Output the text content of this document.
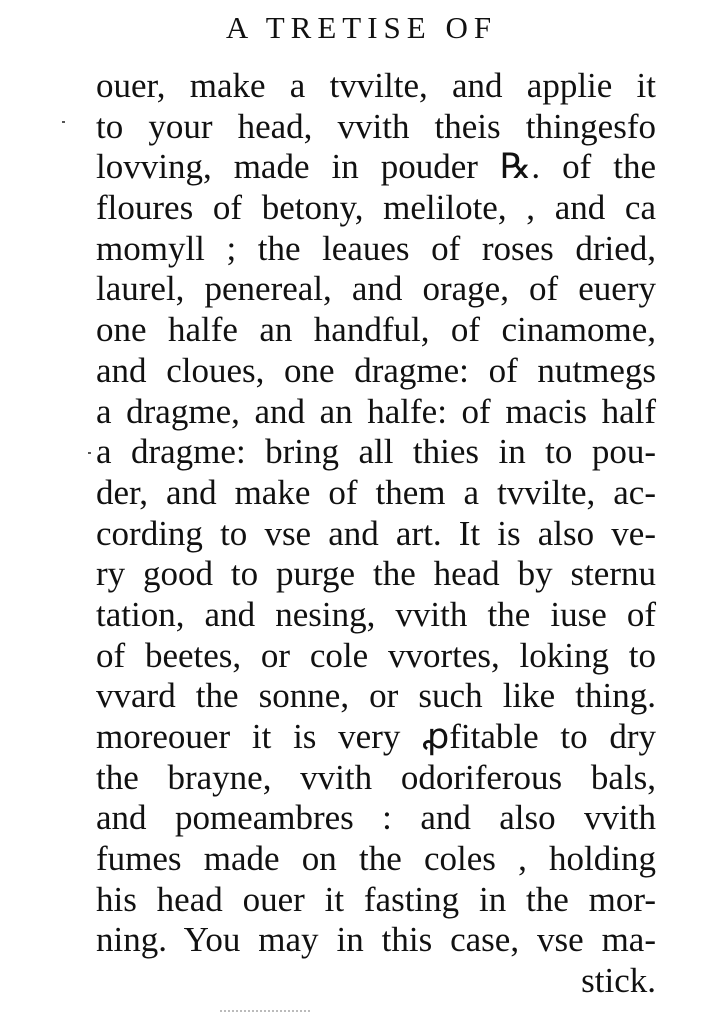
A TRETISE OF
ouer, make a tvvilte, and applie it
to your head, vvith theis thingesfo
lovving, made in pouder ℞. of the
floures of betony, melilote, , and ca
momyll ; the leaues of roses dried,
laurel, penereal, and orage, of euery
one halfe an handful, of cinamome,
and cloues, one dragme: of nutmegs
a dragme, and an halfe: of macis half
a dragme: bring all thies in to pou-
der, and make of them a tvvilte, ac-
cording to vse and art. It is also ve-
ry good to purge the head by sternu
tation, and nesing, vvith the iuse of
of beetes, or cole vvortes, loking to
vvard the sonne, or such like thing.
moreouer it is very ꝓfitable to dry
the brayne, vvith odoriferous bals,
and pomeambres : and also vvith
fumes made on the coles , holding
his head ouer it fasting in the mor-
ning. You may in this case, vse ma-
stick.
